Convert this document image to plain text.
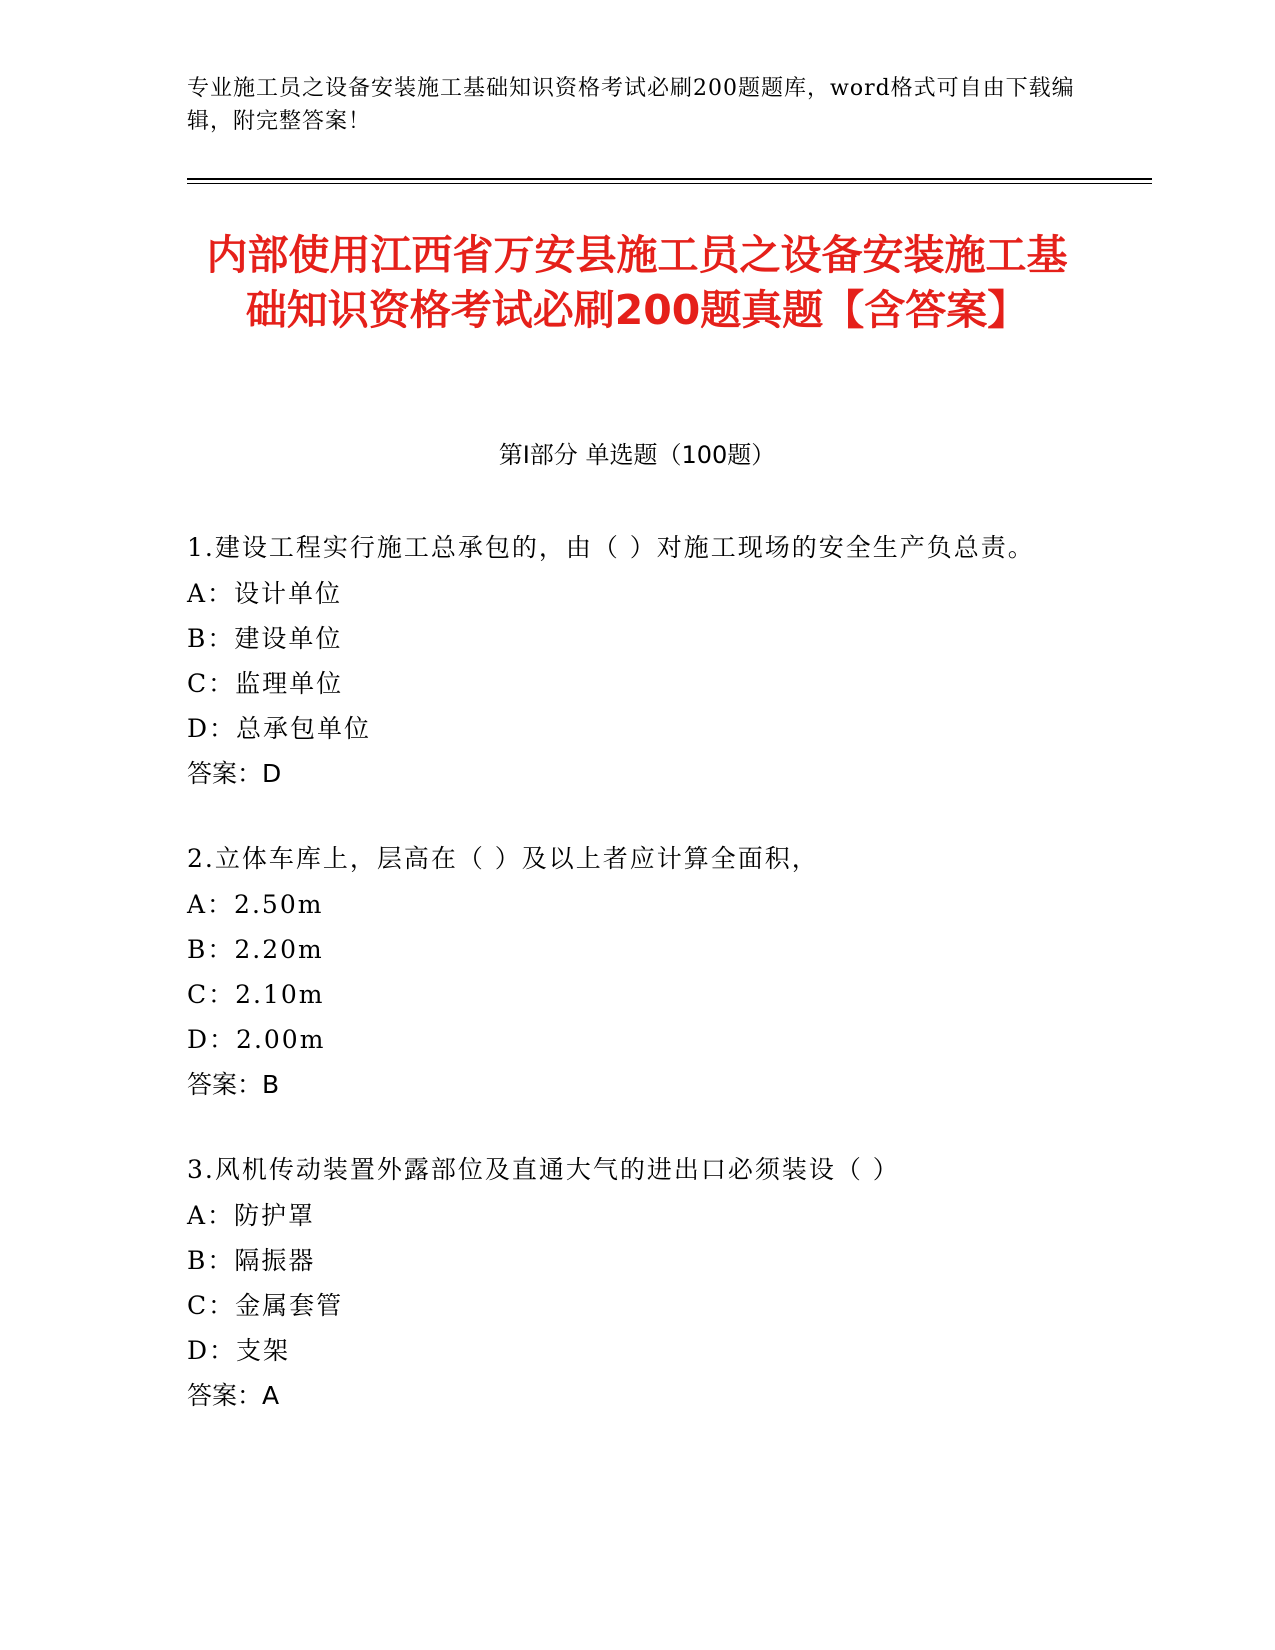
专业施工员之设备安装施工基础知识资格考试必刷200题题库，word格式可自由下载编辑，附完整答案！
内部使用江西省万安县施工员之设备安装施工基础知识资格考试必刷200题真题【含答案】
第Ⅰ部分 单选题（100题）
1.建设工程实行施工总承包的，由（ ）对施工现场的安全生产负总责。
A：设计单位
B：建设单位
C：监理单位
D：总承包单位
答案：D
2.立体车库上，层高在（ ）及以上者应计算全面积，
A：2.50m
B：2.20m
C：2.10m
D：2.00m
答案：B
3.风机传动装置外露部位及直通大气的进出口必须装设（ ）
A：防护罩
B：隔振器
C：金属套管
D：支架
答案：A
